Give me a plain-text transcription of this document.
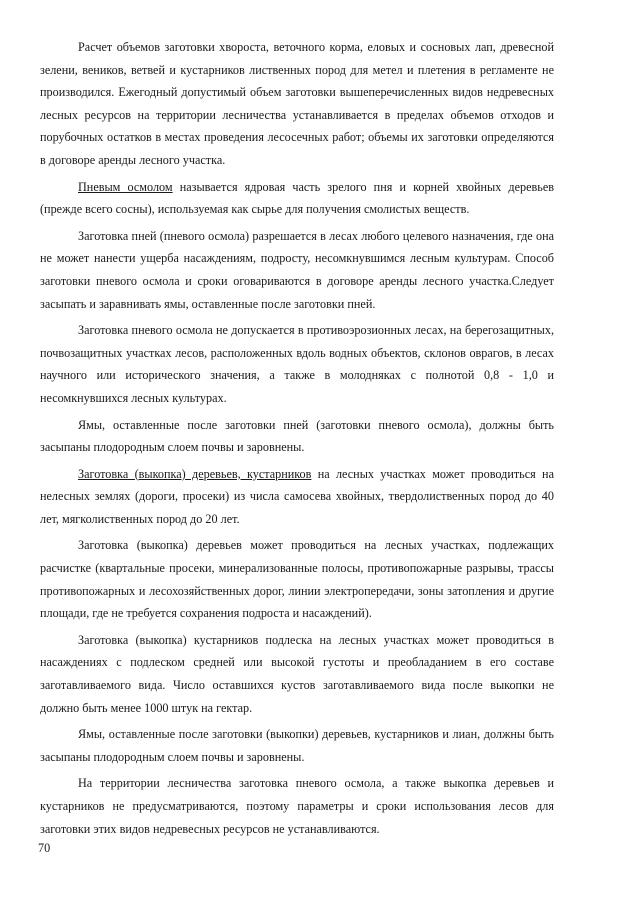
Расчет объемов заготовки хвороста, веточного корма, еловых и сосновых лап, древесной зелени, веников, ветвей и кустарников лиственных пород для метел и плетения в регламенте не производился. Ежегодный допустимый объем заготовки вышеперечисленных видов недревесных лесных ресурсов на территории лесничества устанавливается в пределах объемов отходов и порубочных остатков в местах проведения лесосечных работ; объемы их заготовки определяются в договоре аренды лесного участка.

Пневым осмолом называется ядровая часть зрелого пня и корней хвойных деревьев (прежде всего сосны), используемая как сырье для получения смолистых веществ.

Заготовка пней (пневого осмола) разрешается в лесах любого целевого назначения, где она не может нанести ущерба насаждениям, подросту, несомкнувшимся лесным культурам. Способ заготовки пневого осмола и сроки оговариваются в договоре аренды лесного участка.Следует засыпать и заравнивать ямы, оставленные после заготовки пней.

Заготовка пневого осмола не допускается в противоэрозионных лесах, на берегозащитных, почвозащитных участках лесов, расположенных вдоль водных объектов, склонов оврагов, в лесах научного или исторического значения, а также в молодняках с полнотой 0,8 - 1,0 и несомкнувшихся лесных культурах.

Ямы, оставленные после заготовки пней (заготовки пневого осмола), должны быть засыпаны плодородным слоем почвы и заровнены.

Заготовка (выкопка) деревьев, кустарников на лесных участках может проводиться на нелесных землях (дороги, просеки) из числа самосева хвойных, твердолиственных пород до 40 лет, мягколиственных пород до 20 лет.

Заготовка (выкопка) деревьев может проводиться на лесных участках, подлежащих расчистке (квартальные просеки, минерализованные полосы, противопожарные разрывы, трассы противопожарных и лесохозяйственных дорог, линии электропередачи, зоны затопления и другие площади, где не требуется сохранения подроста и насаждений).

Заготовка (выкопка) кустарников подлеска на лесных участках может проводиться в насаждениях с подлеском средней или высокой густоты и преобладанием в его составе заготавливаемого вида. Число оставшихся кустов заготавливаемого вида после выкопки не должно быть менее 1000 штук на гектар.

Ямы, оставленные после заготовки (выкопки) деревьев, кустарников и лиан, должны быть засыпаны плодородным слоем почвы и заровнены.

На территории лесничества заготовка пневого осмола, а также выкопка деревьев и кустарников не предусматриваются, поэтому параметры и сроки использования лесов для заготовки этих видов недревесных ресурсов не устанавливаются.

70
